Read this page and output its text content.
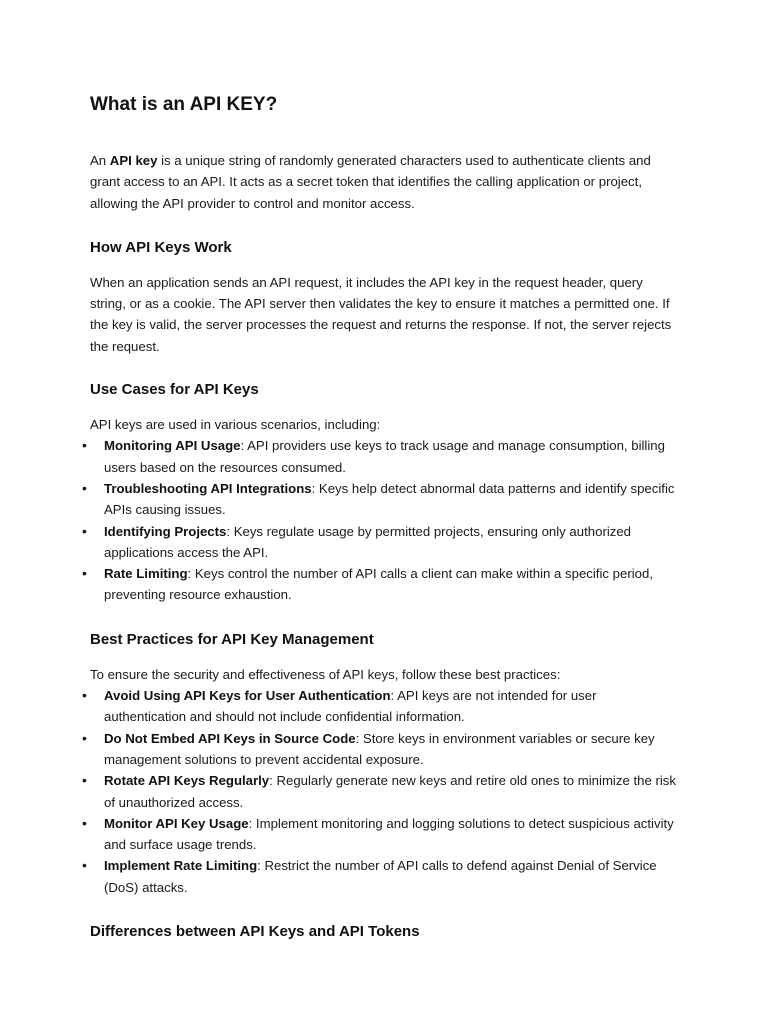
What is an API KEY?

An API key is a unique string of randomly generated characters used to authenticate clients and grant access to an API. It acts as a secret token that identifies the calling application or project, allowing the API provider to control and monitor access.

How API Keys Work

When an application sends an API request, it includes the API key in the request header, query string, or as a cookie. The API server then validates the key to ensure it matches a permitted one. If the key is valid, the server processes the request and returns the response. If not, the server rejects the request.

Use Cases for API Keys

API keys are used in various scenarios, including:

• Monitoring API Usage: API providers use keys to track usage and manage consumption, billing users based on the resources consumed.
• Troubleshooting API Integrations: Keys help detect abnormal data patterns and identify specific APIs causing issues.
• Identifying Projects: Keys regulate usage by permitted projects, ensuring only authorized applications access the API.
• Rate Limiting: Keys control the number of API calls a client can make within a specific period, preventing resource exhaustion.
Best Practices for API Key Management

To ensure the security and effectiveness of API keys, follow these best practices:

• Avoid Using API Keys for User Authentication: API keys are not intended for user authentication and should not include confidential information.
• Do Not Embed API Keys in Source Code: Store keys in environment variables or secure key management solutions to prevent accidental exposure.
• Rotate API Keys Regularly: Regularly generate new keys and retire old ones to minimize the risk of unauthorized access.
• Monitor API Key Usage: Implement monitoring and logging solutions to detect suspicious activity and surface usage trends.
• Implement Rate Limiting: Restrict the number of API calls to defend against Denial of Service (DoS) attacks.
Differences between API Keys and API Tokens
